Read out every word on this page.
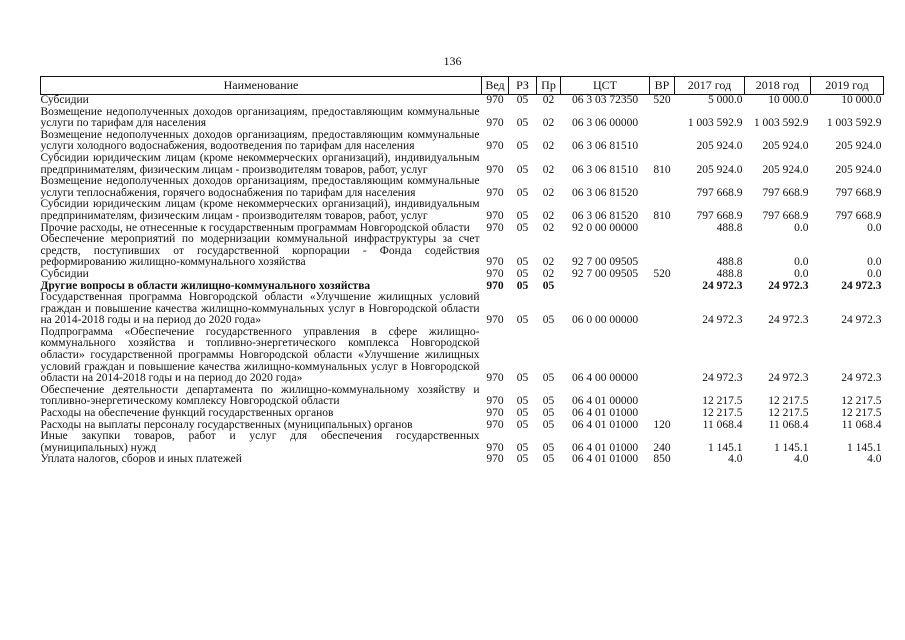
136
Наименование	Вед	РЗ	Пр	ЦСТ	ВР	2017 год	2018 год	2019 год
Субсидии	970	05	02	06 3 03 72350	520	5 000.0	10 000.0	10 000.0
Возмещение недополученных доходов организациям, предоставляющим коммунальные услуги по тарифам для населения	970	05	02	06 3 06 00000		1 003 592.9	1 003 592.9	1 003 592.9
Возмещение недополученных доходов организациям, предоставляющим коммунальные услуги холодного водоснабжения, водоотведения по тарифам для населения	970	05	02	06 3 06 81510		205 924.0	205 924.0	205 924.0
Субсидии юридическим лицам (кроме некоммерческих организаций), индивидуальным предпринимателям, физическим лицам - производителям товаров, работ, услуг	970	05	02	06 3 06 81510	810	205 924.0	205 924.0	205 924.0
Возмещение недополученных доходов организациям, предоставляющим коммунальные услуги теплоснабжения, горячего водоснабжения по тарифам для населения	970	05	02	06 3 06 81520		797 668.9	797 668.9	797 668.9
Субсидии юридическим лицам (кроме некоммерческих организаций), индивидуальным предпринимателям, физическим лицам - производителям товаров, работ, услуг	970	05	02	06 3 06 81520	810	797 668.9	797 668.9	797 668.9
Прочие расходы, не отнесенные к государственным программам Новгородской области	970	05	02	92 0 00 00000		488.8	0.0	0.0
Обеспечение мероприятий по модернизации коммунальной инфраструктуры за счет средств, поступивших от государственной корпорации - Фонда содействия реформированию жилищно-коммунального хозяйства	970	05	02	92 7 00 09505		488.8	0.0	0.0
Субсидии	970	05	02	92 7 00 09505	520	488.8	0.0	0.0
Другие вопросы в области жилищно-коммунального хозяйства	970	05	05			24 972.3	24 972.3	24 972.3
Государственная программа Новгородской области «Улучшение жилищных условий граждан и повышение качества жилищно-коммунальных услуг в Новгородской области на 2014-2018 годы и на период до 2020 года»	970	05	05	06 0 00 00000		24 972.3	24 972.3	24 972.3
Подпрограмма «Обеспечение государственного управления в сфере жилищно-коммунального хозяйства и топливно-энергетического комплекса Новгородской области» государственной программы Новгородской области «Улучшение жилищных условий граждан и повышение качества жилищно-коммунальных услуг в Новгородской области на 2014-2018 годы и на период до 2020 года»	970	05	05	06 4 00 00000		24 972.3	24 972.3	24 972.3
Обеспечение деятельности департамента по жилищно-коммунальному хозяйству и топливно-энергетическому комплексу Новгородской области	970	05	05	06 4 01 00000		12 217.5	12 217.5	12 217.5
Расходы на обеспечение функций государственных органов	970	05	05	06 4 01 01000		12 217.5	12 217.5	12 217.5
Расходы на выплаты персоналу государственных (муниципальных) органов	970	05	05	06 4 01 01000	120	11 068.4	11 068.4	11 068.4
Иные закупки товаров, работ и услуг для обеспечения государственных (муниципальных) нужд	970	05	05	06 4 01 01000	240	1 145.1	1 145.1	1 145.1
Уплата налогов, сборов и иных платежей	970	05	05	06 4 01 01000	850	4.0	4.0	4.0
